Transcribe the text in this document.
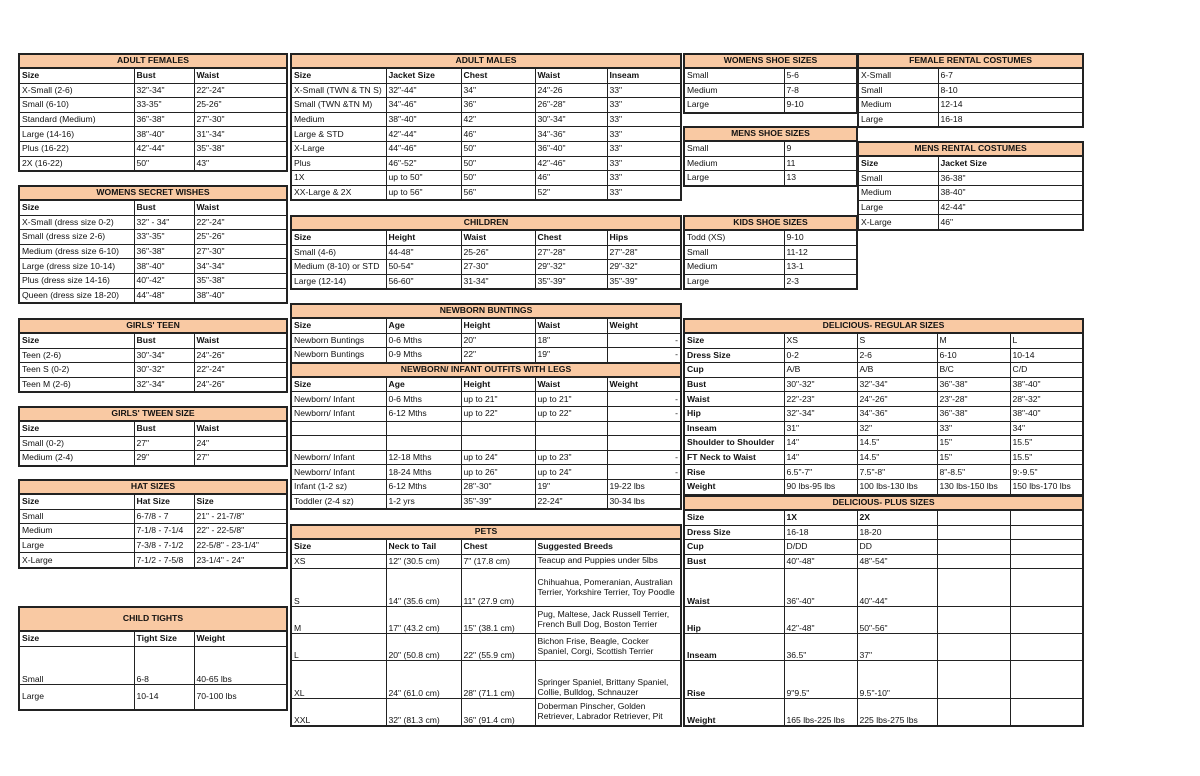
ADULT FEMALES		
Size	Bust	Waist
X-Small (2-6)	32"-34"	22"-24"
Small (6-10)	33-35"	25-26"
Standard (Medium)	36"-38"	27"-30"
Large (14-16)	38"-40"	31"-34"
Plus (16-22)	42"-44"	35"-38"
2X (16-22)	50"	43"
WOMENS SECRET WISHES		
Size	Bust	Waist
X-Small (dress size 0-2)	32" - 34"	22"-24"
Small (dress size 2-6)	33"-35"	25"-26"
Medium (dress size 6-10)	36"-38"	27"-30"
Large (dress size 10-14)	38"-40"	34"-34"
Plus (dress size 14-16)	40"-42"	35"-38"
Queen (dress size 18-20)	44"-48"	38"-40"
GIRLS' TEEN		
Size	Bust	Waist
Teen (2-6)	30"-34"	24"-26"
Teen S (0-2)	30"-32"	22"-24"
Teen M (2-6)	32"-34"	24"-26"
GIRLS' TWEEN SIZE		
Size	Bust	Waist
Small (0-2)	27"	24"
Medium (2-4)	29"	27"
HAT SIZES		
Size	Hat Size	Size
Small	6-7/8 - 7	21" - 21-7/8"
Medium	7-1/8 - 7-1/4	22" - 22-5/8"
Large	7-3/8 - 7-1/2	22-5/8" - 23-1/4"
X-Large	7-1/2 - 7-5/8	23-1/4" - 24"
CHILD TIGHTS		
Size	Tight Size	Weight
Small	6-8	40-65 lbs
Large	10-14	70-100 lbs
ADULT MALES				
Size	Jacket Size	Chest	Waist	Inseam
X-Small (TWN & TN S)	32"-44"	34"	24"-26	33"
Small (TWN &TN M)	34"-46"	36"	26"-28"	33"
Medium	38"-40"	42"	30"-34"	33"
Large & STD	42"-44"	46"	34"-36"	33"
X-Large	44"-46"	50"	36"-40"	33"
Plus	46"-52"	50"	42"-46"	33"
1X	up to 50"	50"	46"	33"
XX-Large & 2X	up to 56"	56"	52"	33"
CHILDREN				
Size	Height	Waist	Chest	Hips
Small (4-6)	44-48"	25-26"	27"-28"	27"-28"
Medium (8-10) or STD	50-54"	27-30"	29"-32"	29"-32"
Large (12-14)	56-60"	31-34"	35"-39"	35"-39"
NEWBORN BUNTINGS				
Size	Age	Height	Waist	Weight
Newborn Buntings	0-6 Mths	20"	18"	-
Newborn Buntings	0-9 Mths	22"	19"	-
NEWBORN/ INFANT OUTFITS WITH LEGS				
Size	Age	Height	Waist	Weight
Newborn/ Infant	0-6 Mths	up to 21"	up to 21"	-
Newborn/ Infant	6-12 Mths	up to 22"	up to 22"	-

Newborn/ Infant	12-18 Mths	up to 24"	up to 23"	-
Newborn/ Infant	18-24 Mths	up to 26"	up to 24"	-
Infant (1-2 sz)	6-12 Mths	28"-30"	19"	19-22 lbs
Toddler (2-4 sz)	1-2 yrs	35"-39"	22-24"	30-34 lbs
PETS			
Size	Neck to Tail	Chest	Suggested Breeds
XS	12" (30.5 cm)	7" (17.8 cm)	Teacup and Puppies under 5lbs
S	14" (35.6 cm)	11" (27.9 cm)	Chihuahua, Pomeranian, Australian Terrier, Yorkshire Terrier, Toy Poodle
M	17" (43.2 cm)	15" (38.1 cm)	Pug, Maltese, Jack Russell Terrier, French Bull Dog, Boston Terrier
L	20" (50.8 cm)	22" (55.9 cm)	Bichon Frise, Beagle, Cocker Spaniel, Corgi, Scottish Terrier
XL	24" (61.0 cm)	28" (71.1 cm)	Springer Spaniel, Brittany Spaniel, Collie, Bulldog, Schnauzer
XXL	32" (81.3 cm)	36" (91.4 cm)	Doberman Pinscher, Golden Retriever, Labrador Retriever, Pit
WOMENS SHOE SIZES	
Small	5-6
Medium	7-8
Large	9-10
MENS SHOE SIZES	
Small	9
Medium	11
Large	13
KIDS SHOE SIZES	
Todd (XS)	9-10
Small	11-12
Medium	13-1
Large	2-3
FEMALE RENTAL COSTUMES	
X-Small	6-7
Small	8-10
Medium	12-14
Large	16-18
MENS RENTAL COSTUMES	
Size	Jacket Size
Small	36-38"
Medium	38-40"
Large	42-44"
X-Large	46"
DELICIOUS- REGULAR SIZES				
Size	XS	S	M	L
Dress Size	0-2	2-6	6-10	10-14
Cup	A/B	A/B	B/C	C/D
Bust	30"-32"	32"-34"	36"-38"	38"-40"
Waist	22"-23"	24"-26"	23"-28"	28"-32"
Hip	32"-34"	34"-36"	36"-38"	38"-40"
Inseam	31"	32"	33"	34"
Shoulder to Shoulder	14"	14.5"	15"	15.5"
FT Neck to Waist	14"	14.5"	15"	15.5"
Rise	6.5"-7"	7.5"-8"	8"-8.5"	9:-9.5"
Weight	90 lbs-95 lbs	100 lbs-130 lbs	130 lbs-150 lbs	150 lbs-170 lbs
DELICIOUS- PLUS SIZES				
Size	1X	2X		
Dress Size	16-18	18-20		
Cup	D/DD	DD		
Bust	40"-48"	48"-54"		
Waist	36"-40"	40"-44"		
Hip	42"-48"	50"-56"		
Inseam	36.5"	37"		
Rise	9"9.5"	9.5"-10"		
Weight	165 lbs-225 lbs	225 lbs-275 lbs		
